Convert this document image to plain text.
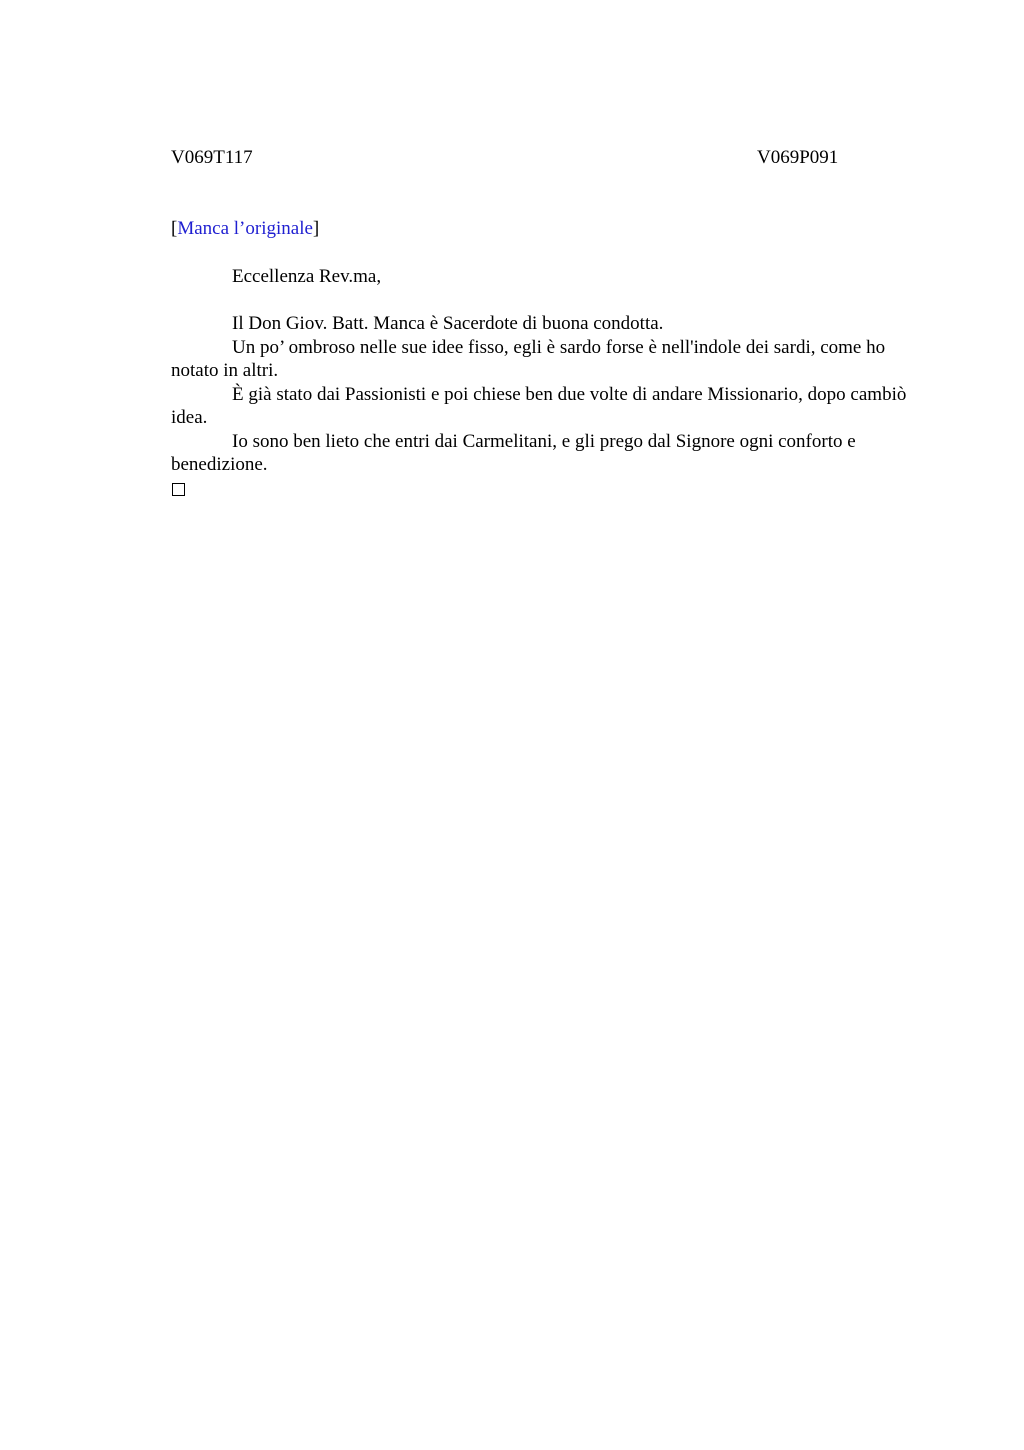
V069T117	V069P091
[Manca l’originale]
Eccellenza Rev.ma,

Il Don Giov. Batt. Manca è Sacerdote di buona condotta.

Un po’ ombroso nelle sue idee fisso, egli è sardo forse è nell'indole dei sardi, come ho notato in altri.

È già stato dai Passionisti e poi chiese ben due volte di andare Missionario, dopo cambiò idea.

Io sono ben lieto che entri dai Carmelitani, e gli prego dal Signore ogni conforto e benedizione.
